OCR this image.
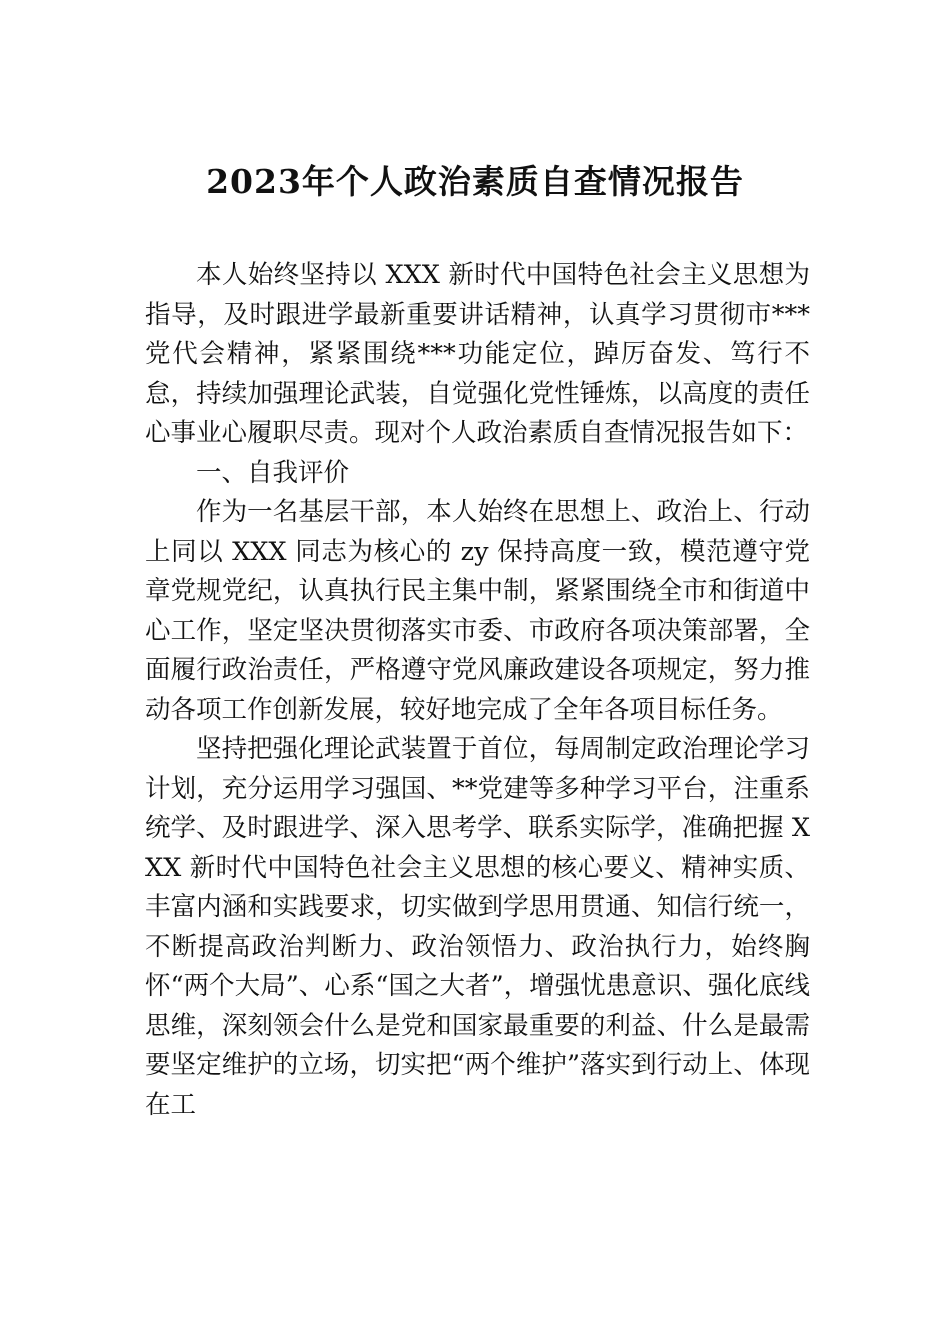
2023年个人政治素质自查情况报告

本人始终坚持以 XXX 新时代中国特色社会主义思想为指导，及时跟进学最新重要讲话精神，认真学习贯彻市***党代会精神，紧紧围绕***功能定位，踔厉奋发、笃行不怠，持续加强理论武装，自觉强化党性锤炼，以高度的责任心事业心履职尽责。现对个人政治素质自查情况报告如下：

一、自我评价

作为一名基层干部，本人始终在思想上、政治上、行动上同以 XXX 同志为核心的 zy 保持高度一致，模范遵守党章党规党纪，认真执行民主集中制，紧紧围绕全市和街道中心工作，坚定坚决贯彻落实市委、市政府各项决策部署，全面履行政治责任，严格遵守党风廉政建设各项规定，努力推动各项工作创新发展，较好地完成了全年各项目标任务。

坚持把强化理论武装置于首位，每周制定政治理论学习计划，充分运用学习强国、**党建等多种学习平台，注重系统学、及时跟进学、深入思考学、联系实际学，准确把握 XXX 新时代中国特色社会主义思想的核心要义、精神实质、丰富内涵和实践要求，切实做到学思用贯通、知信行统一，不断提高政治判断力、政治领悟力、政治执行力，始终胸怀“两个大局”、心系“国之大者”，增强忧患意识、强化底线思维，深刻领会什么是党和国家最重要的利益、什么是最需要坚定维护的立场，切实把“两个维护”落实到行动上、体现在工
